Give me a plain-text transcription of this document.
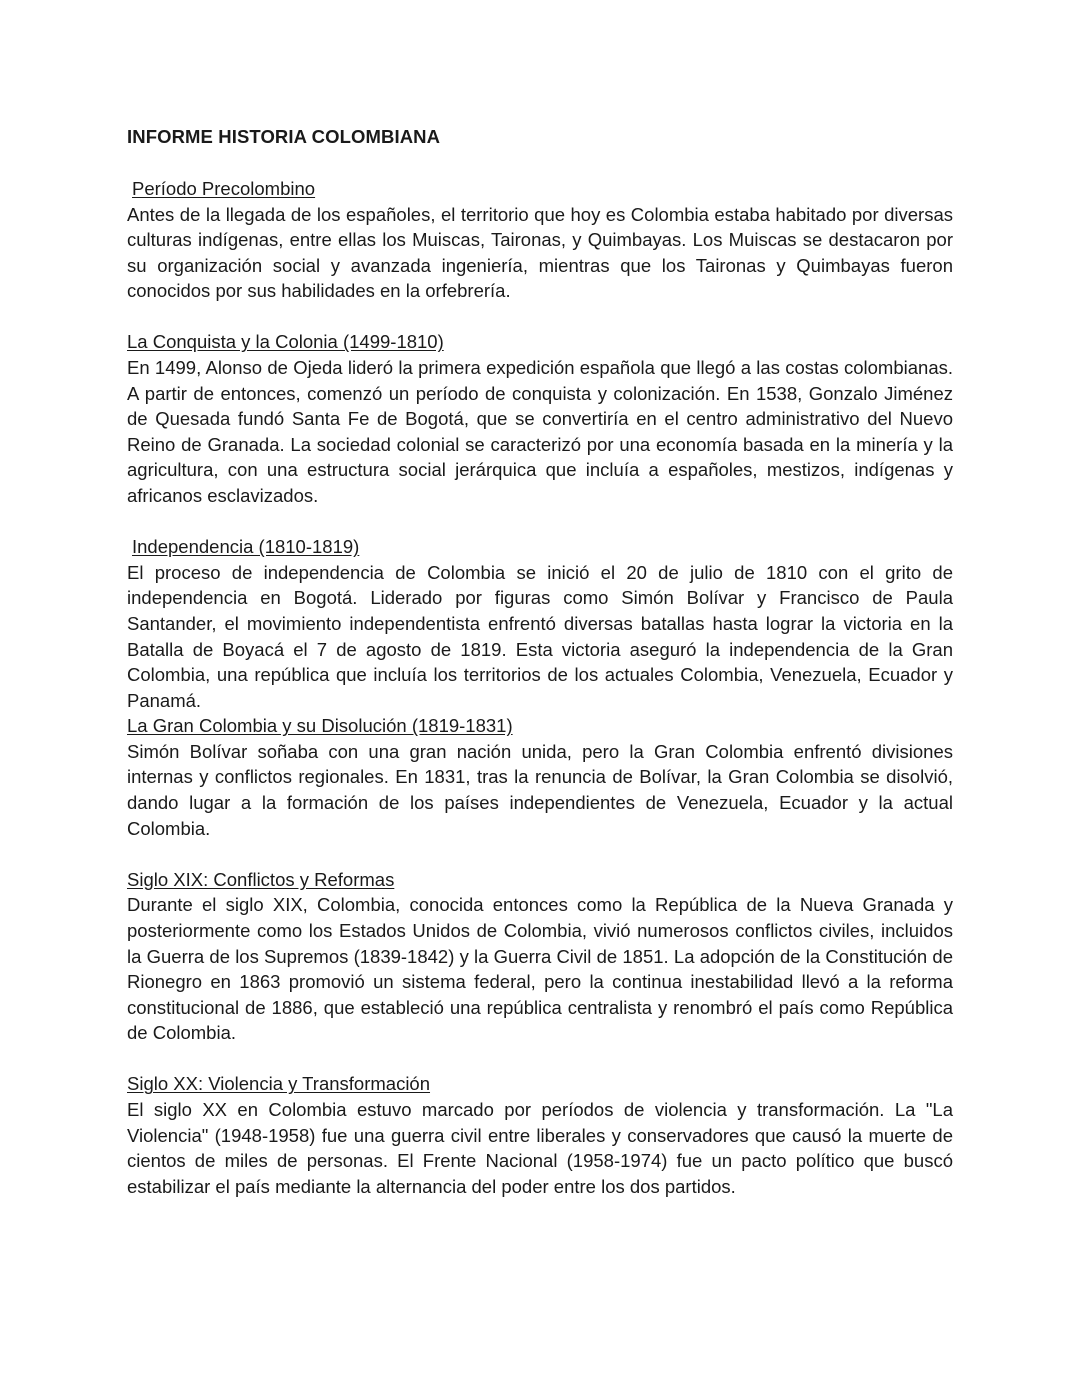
INFORME HISTORIA COLOMBIANA

Período Precolombino

Antes de la llegada de los españoles, el territorio que hoy es Colombia estaba habitado por diversas culturas indígenas, entre ellas los Muiscas, Taironas, y Quimbayas. Los Muiscas se destacaron por su organización social y avanzada ingeniería, mientras que los Taironas y Quimbayas fueron conocidos por sus habilidades en la orfebrería.

La Conquista y la Colonia (1499-1810)

En 1499, Alonso de Ojeda lideró la primera expedición española que llegó a las costas colombianas. A partir de entonces, comenzó un período de conquista y colonización. En 1538, Gonzalo Jiménez de Quesada fundó Santa Fe de Bogotá, que se convertiría en el centro administrativo del Nuevo Reino de Granada. La sociedad colonial se caracterizó por una economía basada en la minería y la agricultura, con una estructura social jerárquica que incluía a españoles, mestizos, indígenas y africanos esclavizados.

Independencia (1810-1819)

El proceso de independencia de Colombia se inició el 20 de julio de 1810 con el grito de independencia en Bogotá. Liderado por figuras como Simón Bolívar y Francisco de Paula Santander, el movimiento independentista enfrentó diversas batallas hasta lograr la victoria en la Batalla de Boyacá el 7 de agosto de 1819. Esta victoria aseguró la independencia de la Gran Colombia, una república que incluía los territorios de los actuales Colombia, Venezuela, Ecuador y Panamá.

La Gran Colombia y su Disolución (1819-1831)

Simón Bolívar soñaba con una gran nación unida, pero la Gran Colombia enfrentó divisiones internas y conflictos regionales. En 1831, tras la renuncia de Bolívar, la Gran Colombia se disolvió, dando lugar a la formación de los países independientes de Venezuela, Ecuador y la actual Colombia.

Siglo XIX: Conflictos y Reformas

Durante el siglo XIX, Colombia, conocida entonces como la República de la Nueva Granada y posteriormente como los Estados Unidos de Colombia, vivió numerosos conflictos civiles, incluidos la Guerra de los Supremos (1839-1842) y la Guerra Civil de 1851. La adopción de la Constitución de Rionegro en 1863 promovió un sistema federal, pero la continua inestabilidad llevó a la reforma constitucional de 1886, que estableció una república centralista y renombró el país como República de Colombia.

Siglo XX: Violencia y Transformación

El siglo XX en Colombia estuvo marcado por períodos de violencia y transformación. La "La Violencia" (1948-1958) fue una guerra civil entre liberales y conservadores que causó la muerte de cientos de miles de personas. El Frente Nacional (1958-1974) fue un pacto político que buscó estabilizar el país mediante la alternancia del poder entre los dos partidos.
